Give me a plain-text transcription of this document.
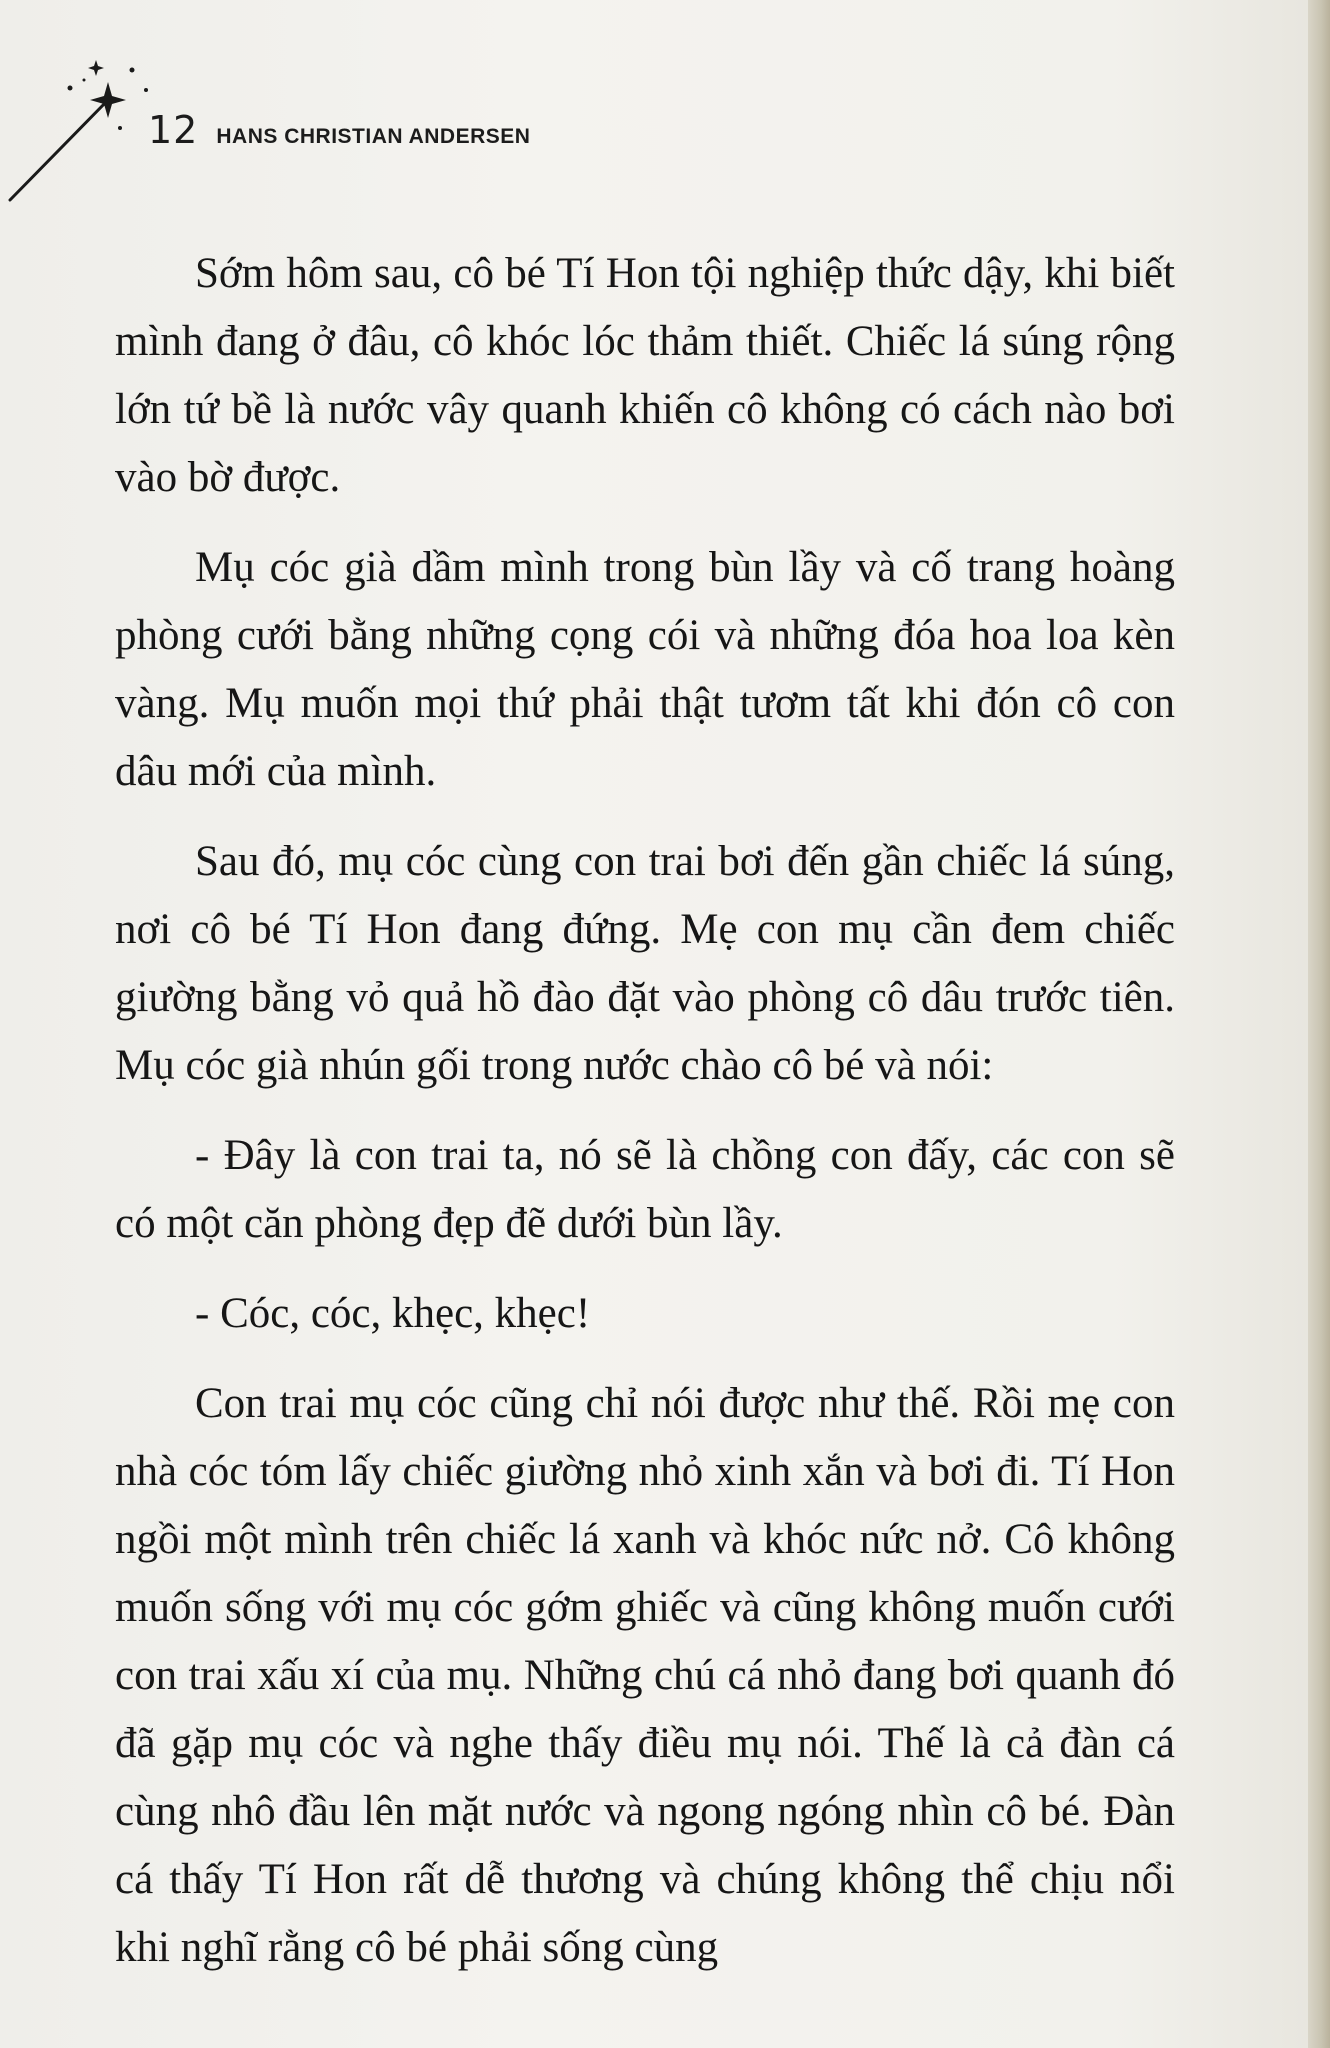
12 HANS CHRISTIAN ANDERSEN

Sớm hôm sau, cô bé Tí Hon tội nghiệp thức dậy, khi biết mình đang ở đâu, cô khóc lóc thảm thiết. Chiếc lá súng rộng lớn tứ bề là nước vây quanh khiến cô không có cách nào bơi vào bờ được.

Mụ cóc già dầm mình trong bùn lầy và cố trang hoàng phòng cưới bằng những cọng cói và những đóa hoa loa kèn vàng. Mụ muốn mọi thứ phải thật tươm tất khi đón cô con dâu mới của mình.

Sau đó, mụ cóc cùng con trai bơi đến gần chiếc lá súng, nơi cô bé Tí Hon đang đứng. Mẹ con mụ cần đem chiếc giường bằng vỏ quả hồ đào đặt vào phòng cô dâu trước tiên. Mụ cóc già nhún gối trong nước chào cô bé và nói:

- Đây là con trai ta, nó sẽ là chồng con đấy, các con sẽ có một căn phòng đẹp đẽ dưới bùn lầy.

- Cóc, cóc, khẹc, khẹc!

Con trai mụ cóc cũng chỉ nói được như thế. Rồi mẹ con nhà cóc tóm lấy chiếc giường nhỏ xinh xắn và bơi đi. Tí Hon ngồi một mình trên chiếc lá xanh và khóc nức nở. Cô không muốn sống với mụ cóc gớm ghiếc và cũng không muốn cưới con trai xấu xí của mụ. Những chú cá nhỏ đang bơi quanh đó đã gặp mụ cóc và nghe thấy điều mụ nói. Thế là cả đàn cá cùng nhô đầu lên mặt nước và ngong ngóng nhìn cô bé. Đàn cá thấy Tí Hon rất dễ thương và chúng không thể chịu nổi khi nghĩ rằng cô bé phải sống cùng
